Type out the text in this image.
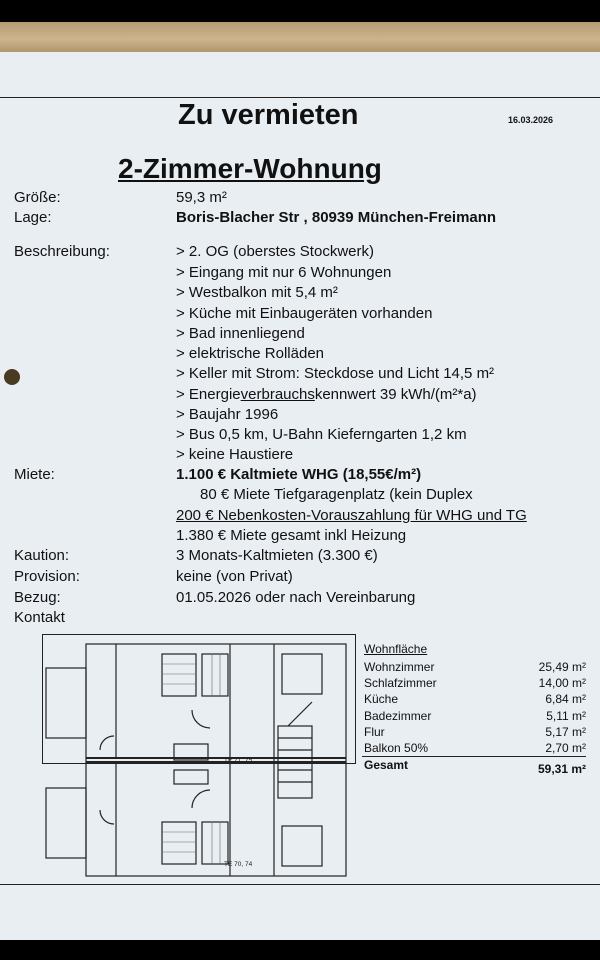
Zu vermieten	16.03.2026
2-Zimmer-Wohnung
Größe:	59,3 m²
Lage:	Boris-Blacher Str , 80939 München-Freimann
Beschreibung:	> 2. OG (oberstes Stockwerk)
> Eingang mit nur 6 Wohnungen
> Westbalkon mit 5,4 m²
> Küche mit Einbaugeräten vorhanden
> Bad innenliegend
> elektrische Rolläden
> Keller mit Strom: Steckdose und Licht 14,5 m²
> Energieverbrauchskennwert 39 kWh/(m²*a)
> Baujahr 1996
> Bus 0,5 km, U-Bahn Kieferngarten 1,2 km
> keine Haustiere
Miete:	1.100 € Kaltmiete WHG (18,55€/m²)
80 € Miete Tiefgaragenplatz (kein Duplex
200 € Nebenkosten-Vorauszahlung für WHG und TG
1.380 € Miete gesamt inkl Heizung
Kaution:	3 Monats-Kaltmieten (3.300 €)
Provision:	keine (von Privat)
Bezug:	01.05.2026 oder nach Vereinbarung
Kontakt
TE 71, 75
TE 70, 74
Wohnfläche
Wohnzimmer	25,49 m²
Schlafzimmer	14,00 m²
Küche	6,84 m²
Badezimmer	5,11 m²
Flur	5,17 m²
Balkon 50%	2,70 m²
Gesamt	59,31 m²
